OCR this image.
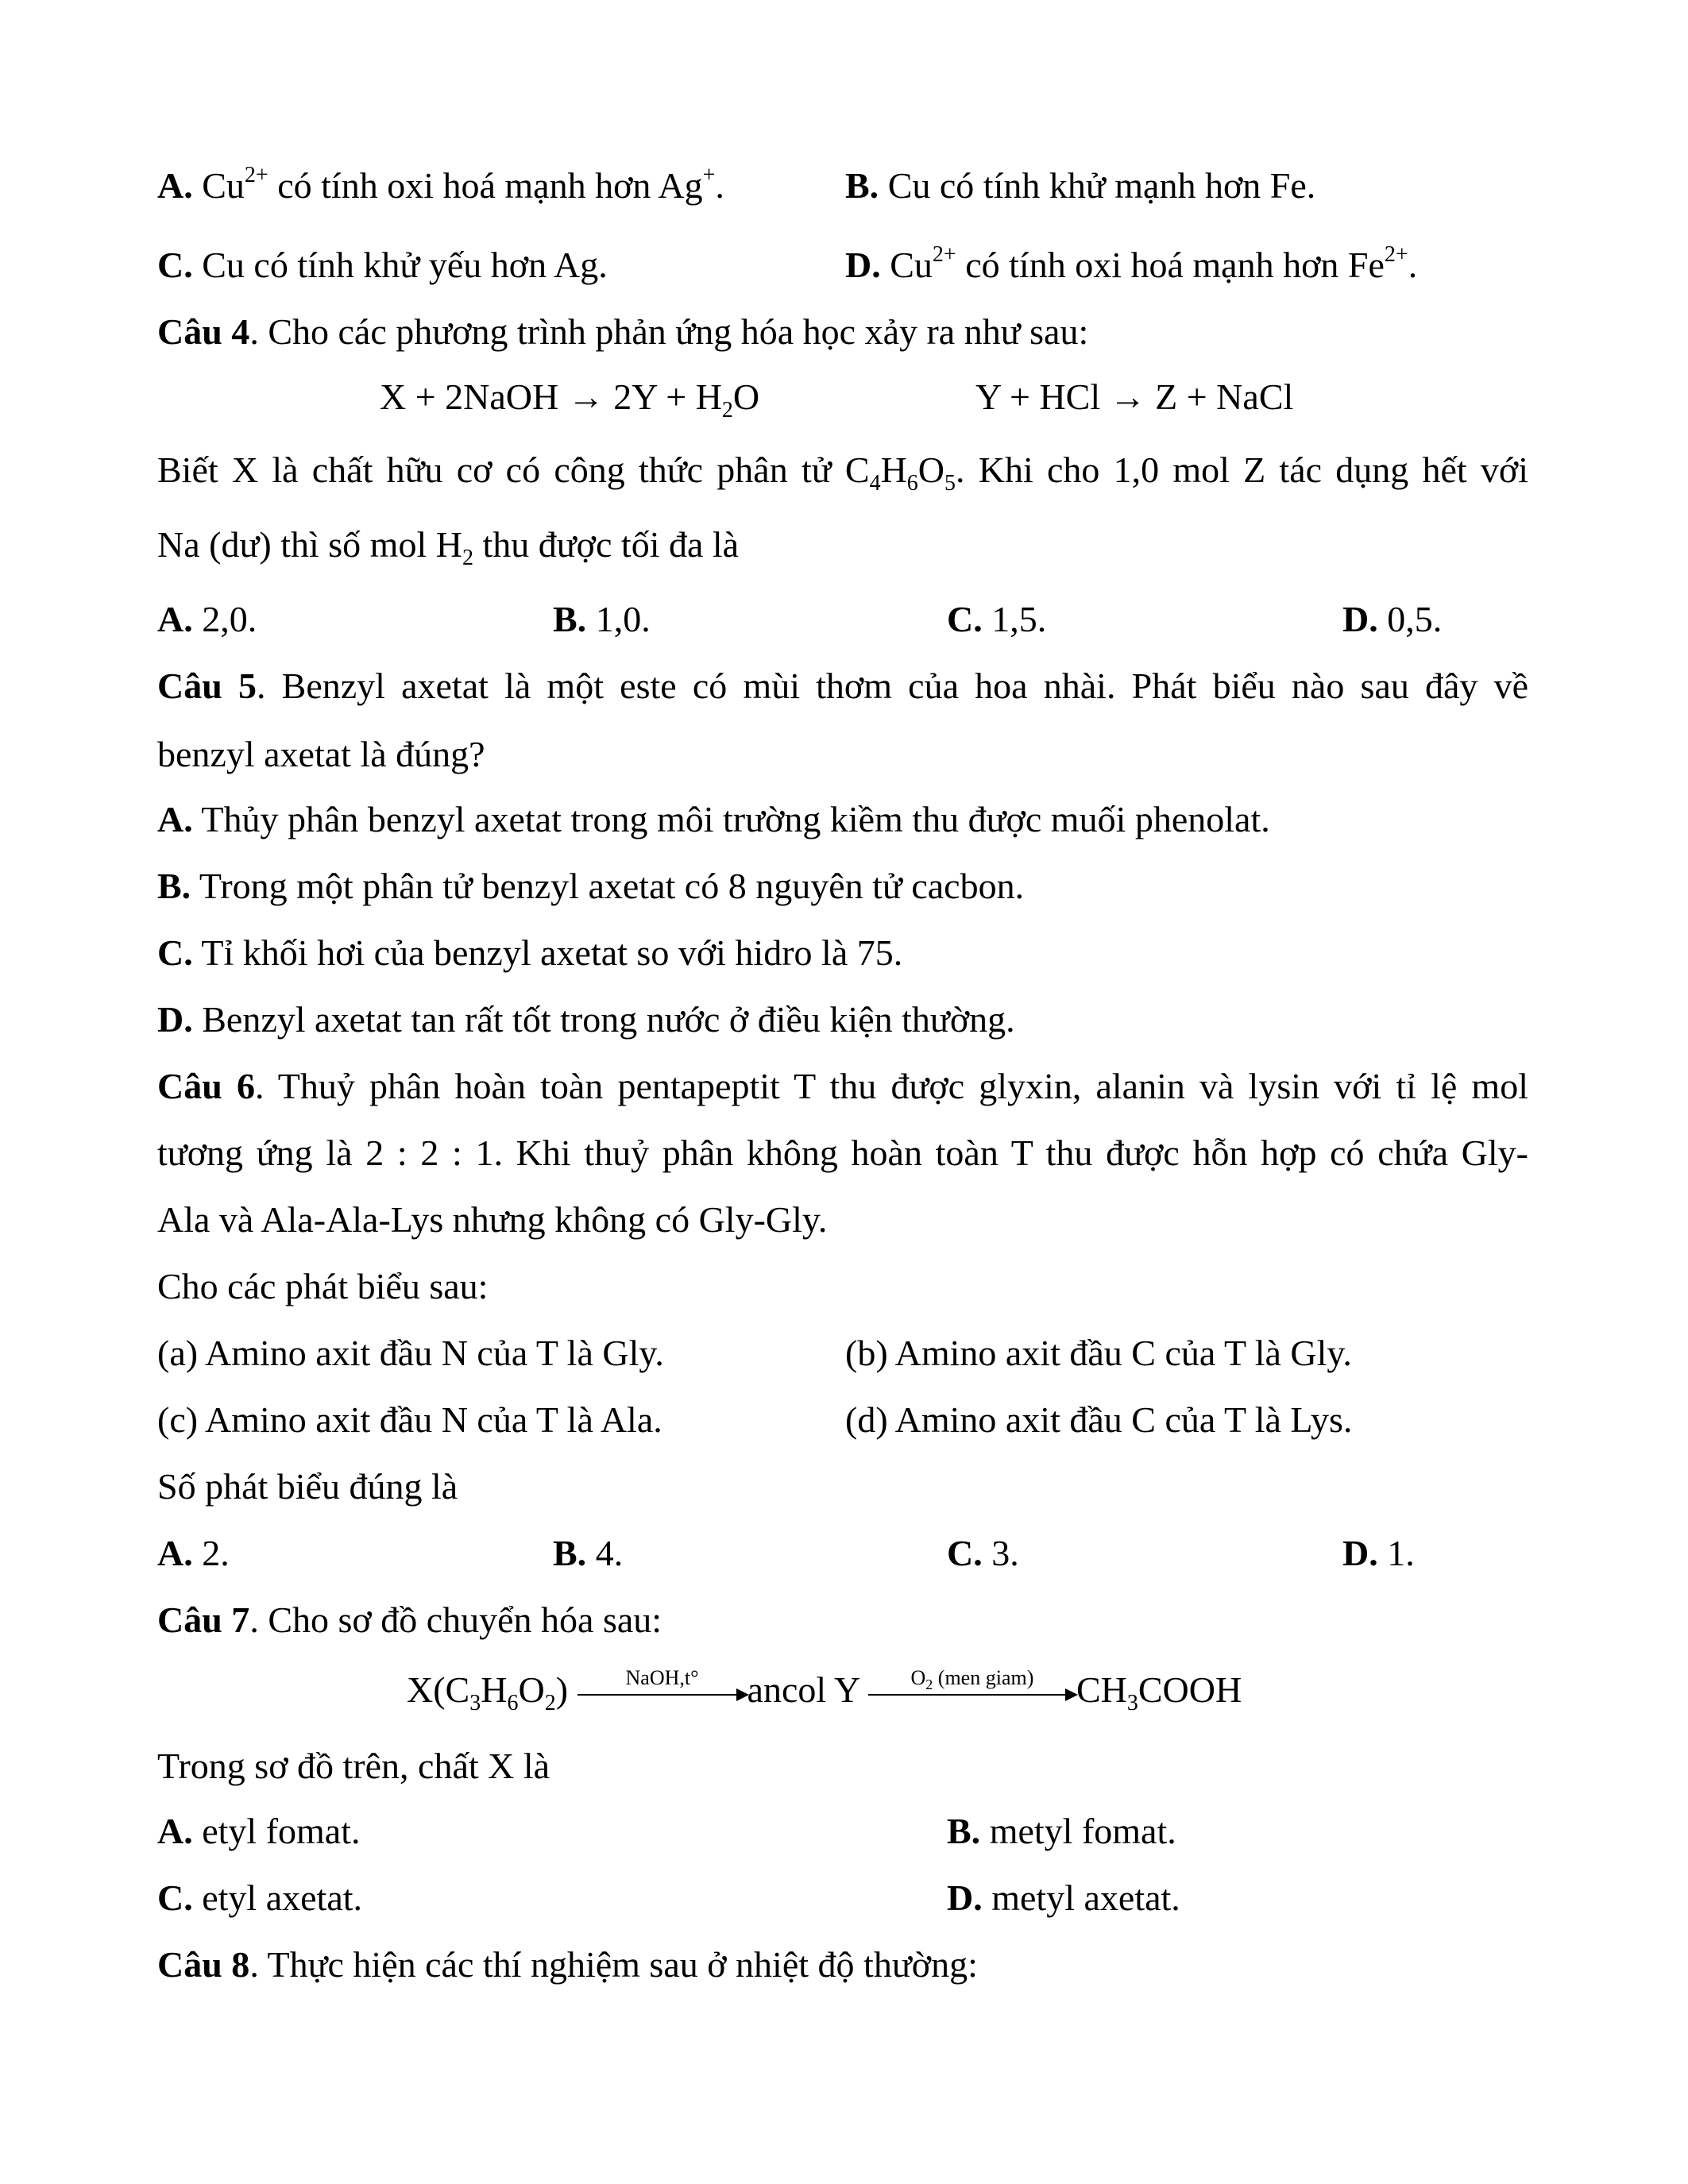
A. $Cu^{2+}$ có tính oxi hoá mạnh hơn Ag+.	B. Cu có tính khử mạnh hơn Fe.
C. Cu có tính khử yếu hơn Ag.	D. $Cu^{2+}$ có tính oxi hoá mạnh hơn $Fe^{2+}$.
Câu 4. Cho các phương trình phản ứng hóa học xảy ra như sau:
X + 2NaOH → $2Y + H_2O$	Y + HCl → Z + NaCl
Biết X là chất hữu cơ có công thức phân tử $C_4H_6O_5$. Khi cho 1,0 mol Z tác dụng hết với
Na (dư) thì số mol $H_2$ thu được tối đa là
A. 2,0.	B. 1,0.	C. 1,5.	D. 0,5.
Câu 5. Benzyl axetat là một este có mùi thơm của hoa nhài. Phát biểu nào sau đây về
benzyl axetat là đúng?
A. Thủy phân benzyl axetat trong môi trường kiềm thu được muối phenolat.
B. Trong một phân tử benzyl axetat có 8 nguyên tử cacbon.
C. Tỉ khối hơi của benzyl axetat so với hidro là 75.
D. Benzyl axetat tan rất tốt trong nước ở điều kiện thường.
Câu 6. Thuỷ phân hoàn toàn pentapeptit T thu được glyxin, alanin và lysin với tỉ lệ mol
tương ứng là 2 : 2 : 1. Khi thuỷ phân không hoàn toàn T thu được hỗn hợp có chứa Gly-
Ala và Ala-Ala-Lys nhưng không có Gly-Gly.
Cho các phát biểu sau:
(a) Amino axit đầu N của T là Gly.	(b) Amino axit đầu C của T là Gly.
(c) Amino axit đầu N của T là Ala.	(d) Amino axit đầu C của T là Lys.
Số phát biểu đúng là
A. 2.	B. 4.	C. 3.	D. 1.
Câu 7. Cho sơ đồ chuyển hóa sau:
$X(C_3H_6O_2)$	NaOH,t°	ancol Y	$O_2$ (men giam)	$CH_3COOH$
Trong sơ đồ trên, chất X là
A. etyl fomat.	B. metyl fomat.
C. etyl axetat.	D. metyl axetat.
Câu 8. Thực hiện các thí nghiệm sau ở nhiệt độ thường:
